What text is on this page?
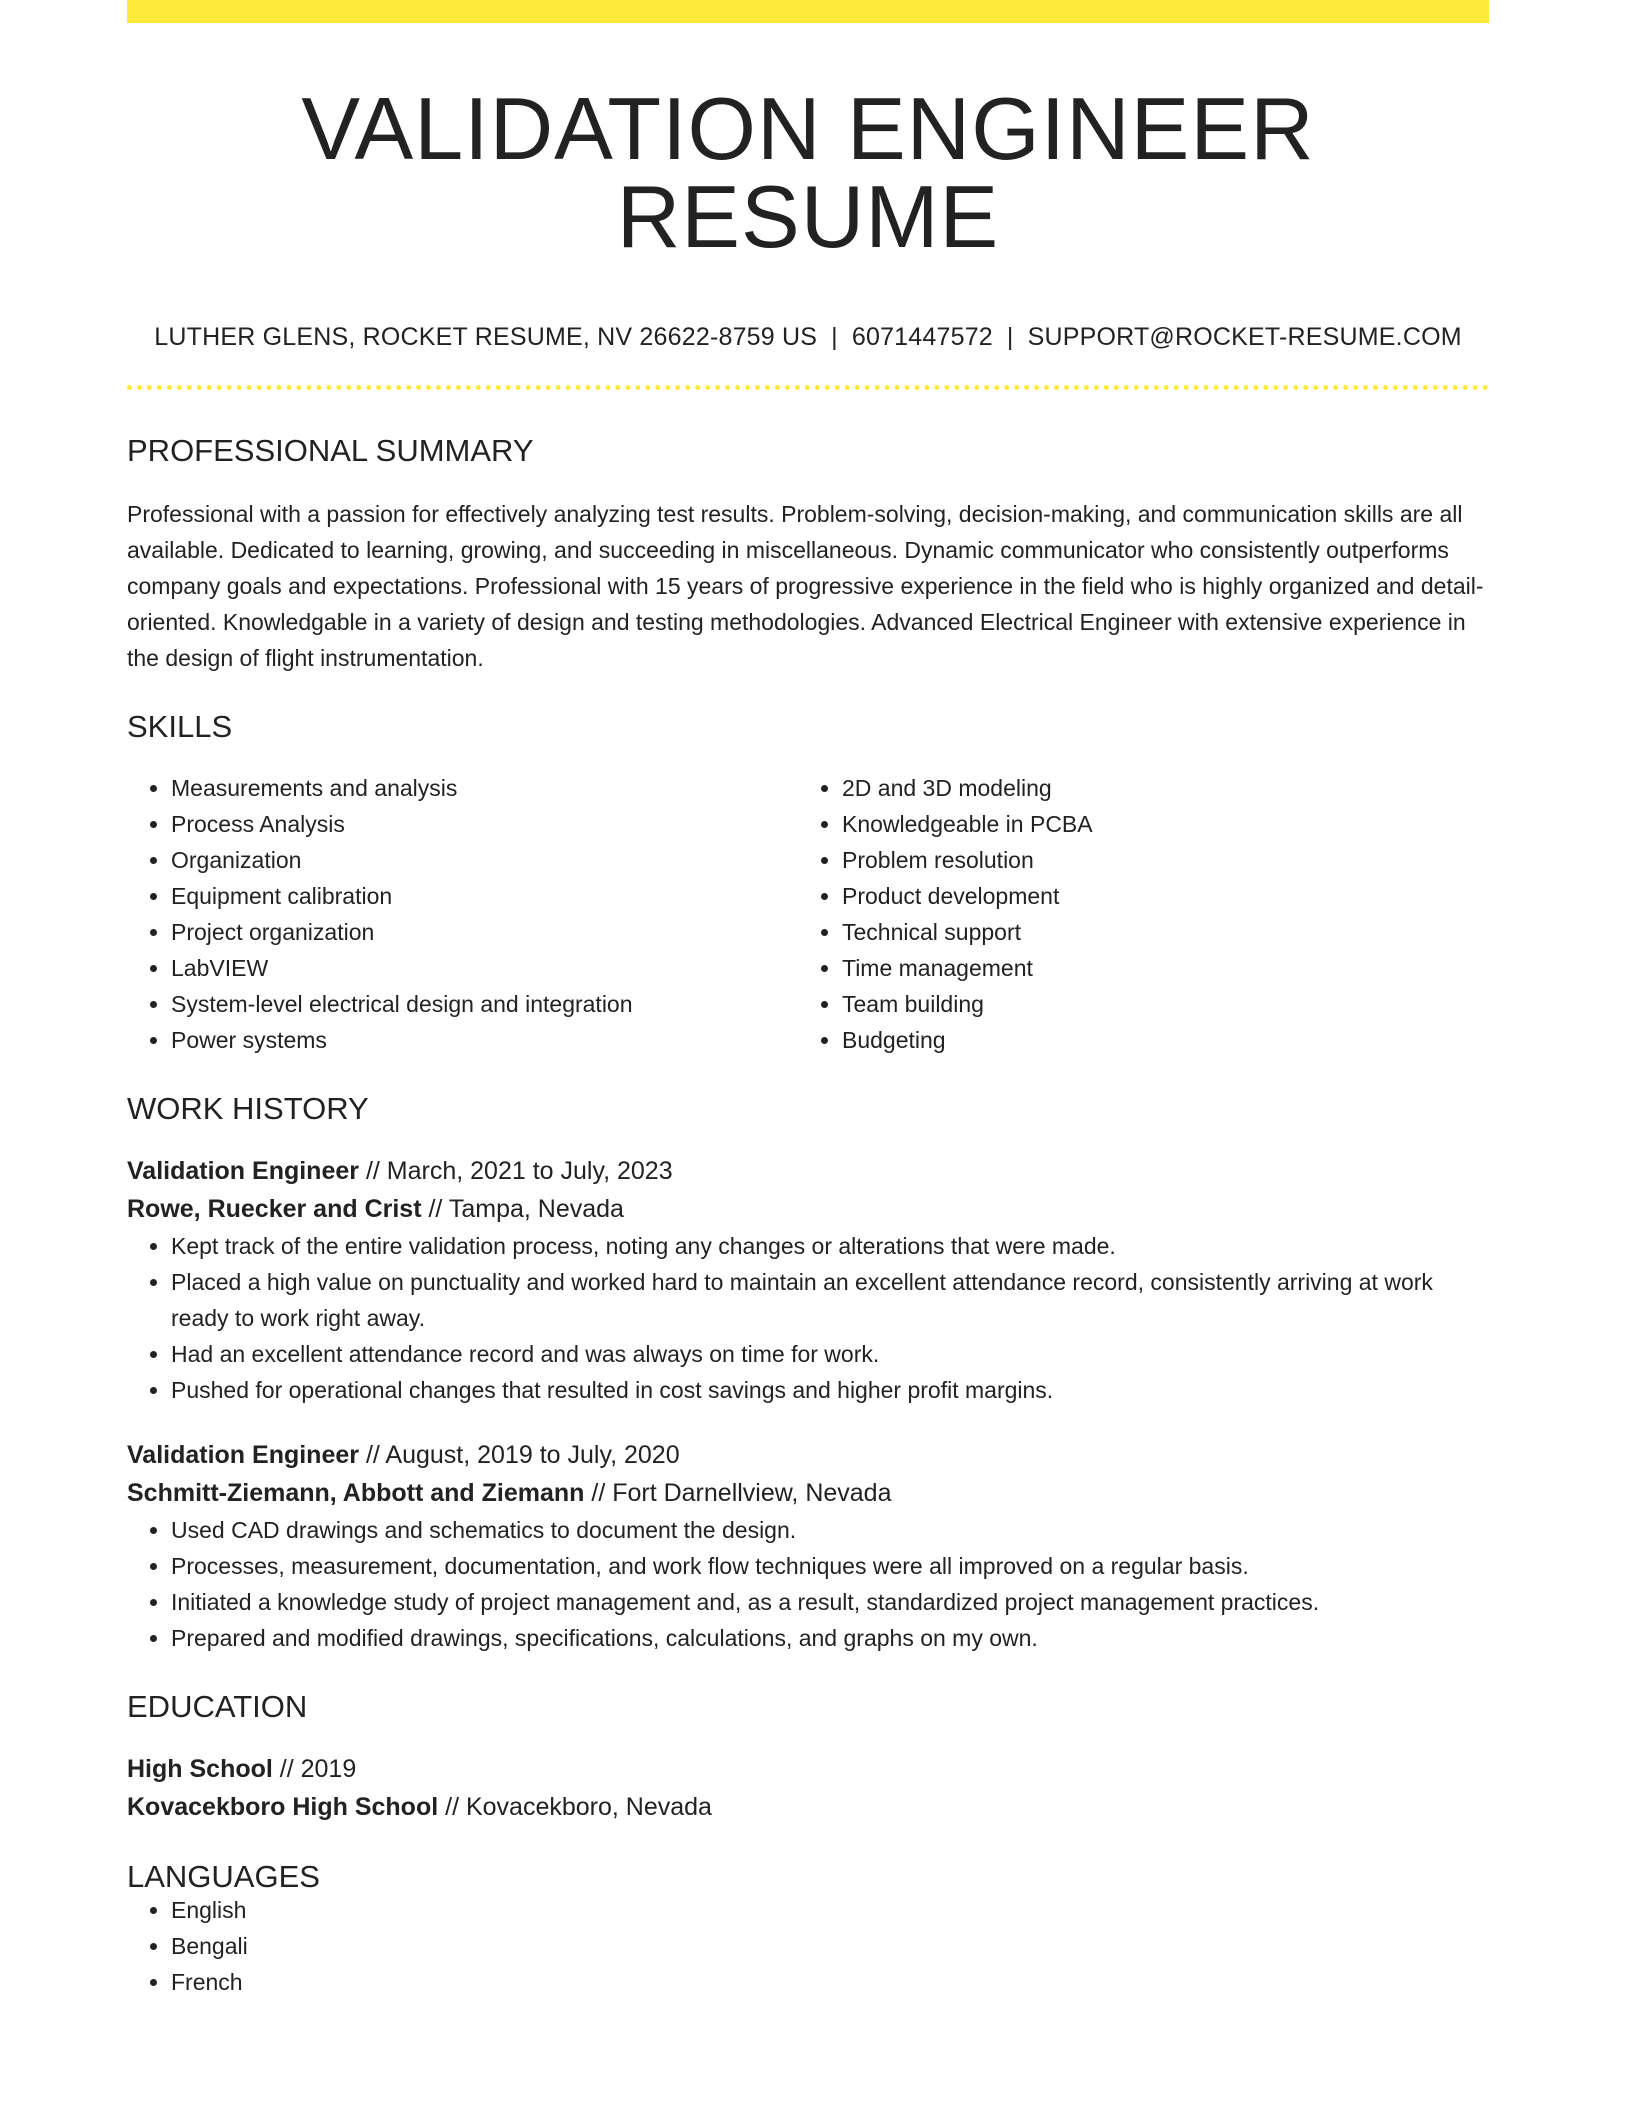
VALIDATION ENGINEER RESUME
LUTHER GLENS, ROCKET RESUME, NV 26622-8759 US | 6071447572 | SUPPORT@ROCKET-RESUME.COM
PROFESSIONAL SUMMARY
Professional with a passion for effectively analyzing test results. Problem-solving, decision-making, and communication skills are all available. Dedicated to learning, growing, and succeeding in miscellaneous. Dynamic communicator who consistently outperforms company goals and expectations. Professional with 15 years of progressive experience in the field who is highly organized and detail-oriented. Knowledgable in a variety of design and testing methodologies. Advanced Electrical Engineer with extensive experience in the design of flight instrumentation.
SKILLS
• Measurements and analysis
• Process Analysis
• Organization
• Equipment calibration
• Project organization
• LabVIEW
• System-level electrical design and integration
• Power systems
• 2D and 3D modeling
• Knowledgeable in PCBA
• Problem resolution
• Product development
• Technical support
• Time management
• Team building
• Budgeting
WORK HISTORY
Validation Engineer // March, 2021 to July, 2023
Rowe, Ruecker and Crist // Tampa, Nevada
• Kept track of the entire validation process, noting any changes or alterations that were made.
• Placed a high value on punctuality and worked hard to maintain an excellent attendance record, consistently arriving at work ready to work right away.
• Had an excellent attendance record and was always on time for work.
• Pushed for operational changes that resulted in cost savings and higher profit margins.
Validation Engineer // August, 2019 to July, 2020
Schmitt-Ziemann, Abbott and Ziemann // Fort Darnellview, Nevada
• Used CAD drawings and schematics to document the design.
• Processes, measurement, documentation, and work flow techniques were all improved on a regular basis.
• Initiated a knowledge study of project management and, as a result, standardized project management practices.
• Prepared and modified drawings, specifications, calculations, and graphs on my own.
EDUCATION
High School // 2019
Kovacekboro High School // Kovacekboro, Nevada
LANGUAGES
• English
• Bengali
• French
